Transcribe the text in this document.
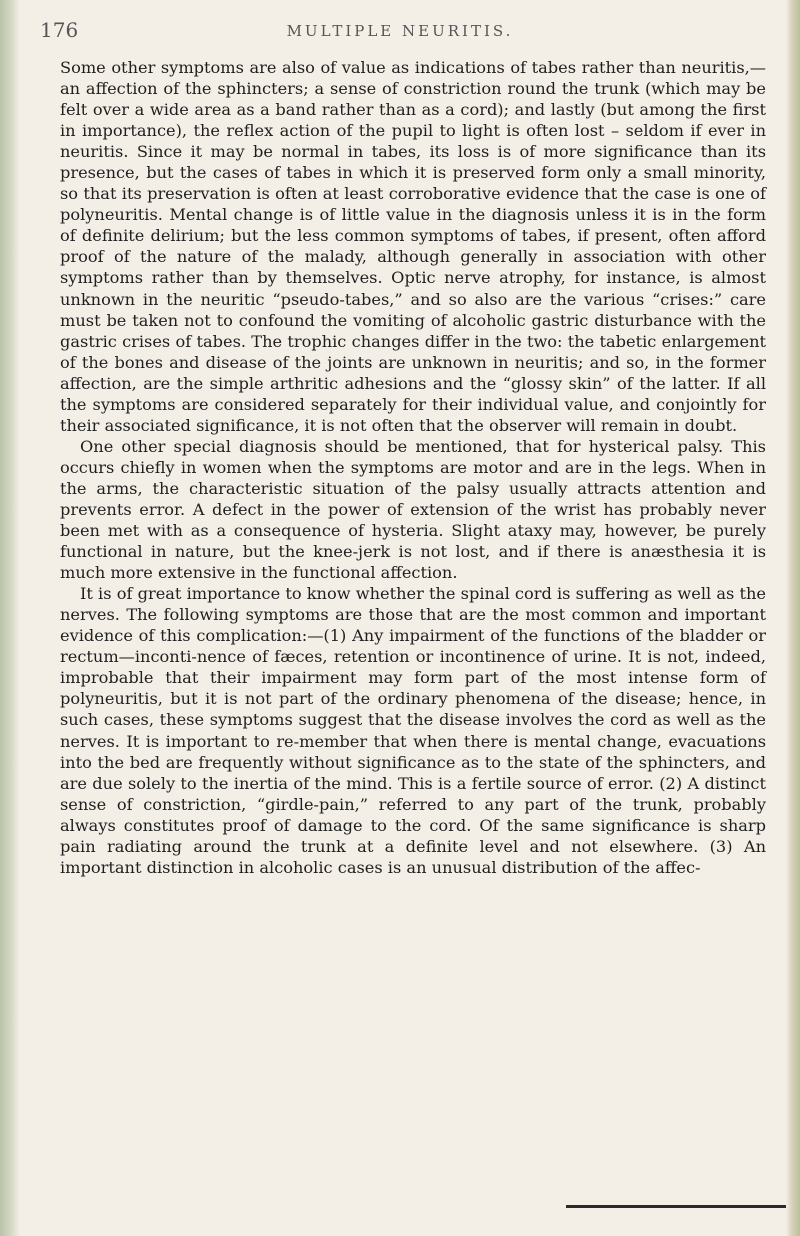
176	MULTIPLE NEURITIS.

Some other symptoms are also of value as indications of tabes rather than neuritis,—an affection of the sphincters; a sense of constriction round the trunk (which may be felt over a wide area as a band rather than as a cord); and lastly (but among the first in importance), the reflex action of the pupil to light is often lost – seldom if ever in neuritis. Since it may be normal in tabes, its loss is of more significance than its presence, but the cases of tabes in which it is preserved form only a small minority, so that its preservation is often at least corroborative evidence that the case is one of polyneuritis. Mental change is of little value in the diagnosis unless it is in the form of definite delirium; but the less common symptoms of tabes, if present, often afford proof of the nature of the malady, although generally in association with other symptoms rather than by themselves. Optic nerve atrophy, for instance, is almost unknown in the neuritic “pseudo-tabes,” and so also are the various “crises:” care must be taken not to confound the vomiting of alcoholic gastric disturbance with the gastric crises of tabes. The trophic changes differ in the two: the tabetic enlargement of the bones and disease of the joints are unknown in neuritis; and so, in the former affection, are the simple arthritic adhesions and the “glossy skin” of the latter. If all the symptoms are considered separately for their individual value, and conjointly for their associated significance, it is not often that the observer will remain in doubt.

One other special diagnosis should be mentioned, that for hysterical palsy. This occurs chiefly in women when the symptoms are motor and are in the legs. When in the arms, the characteristic situation of the palsy usually attracts attention and prevents error. A defect in the power of extension of the wrist has probably never been met with as a consequence of hysteria. Slight ataxy may, however, be purely functional in nature, but the knee-jerk is not lost, and if there is anæsthesia it is much more extensive in the functional affection.

It is of great importance to know whether the spinal cord is suffering as well as the nerves. The following symptoms are those that are the most common and important evidence of this complication:—(1) Any impairment of the functions of the bladder or rectum—inconti-nence of fæces, retention or incontinence of urine. It is not, indeed, improbable that their impairment may form part of the most intense form of polyneuritis, but it is not part of the ordinary phenomena of the disease; hence, in such cases, these symptoms suggest that the disease involves the cord as well as the nerves. It is important to re-member that when there is mental change, evacuations into the bed are frequently without significance as to the state of the sphincters, and are due solely to the inertia of the mind. This is a fertile source of error. (2) A distinct sense of constriction, “girdle-pain,” referred to any part of the trunk, probably always constitutes proof of damage to the cord. Of the same significance is sharp pain radiating around the trunk at a definite level and not elsewhere. (3) An important distinction in alcoholic cases is an unusual distribution of the affec-
